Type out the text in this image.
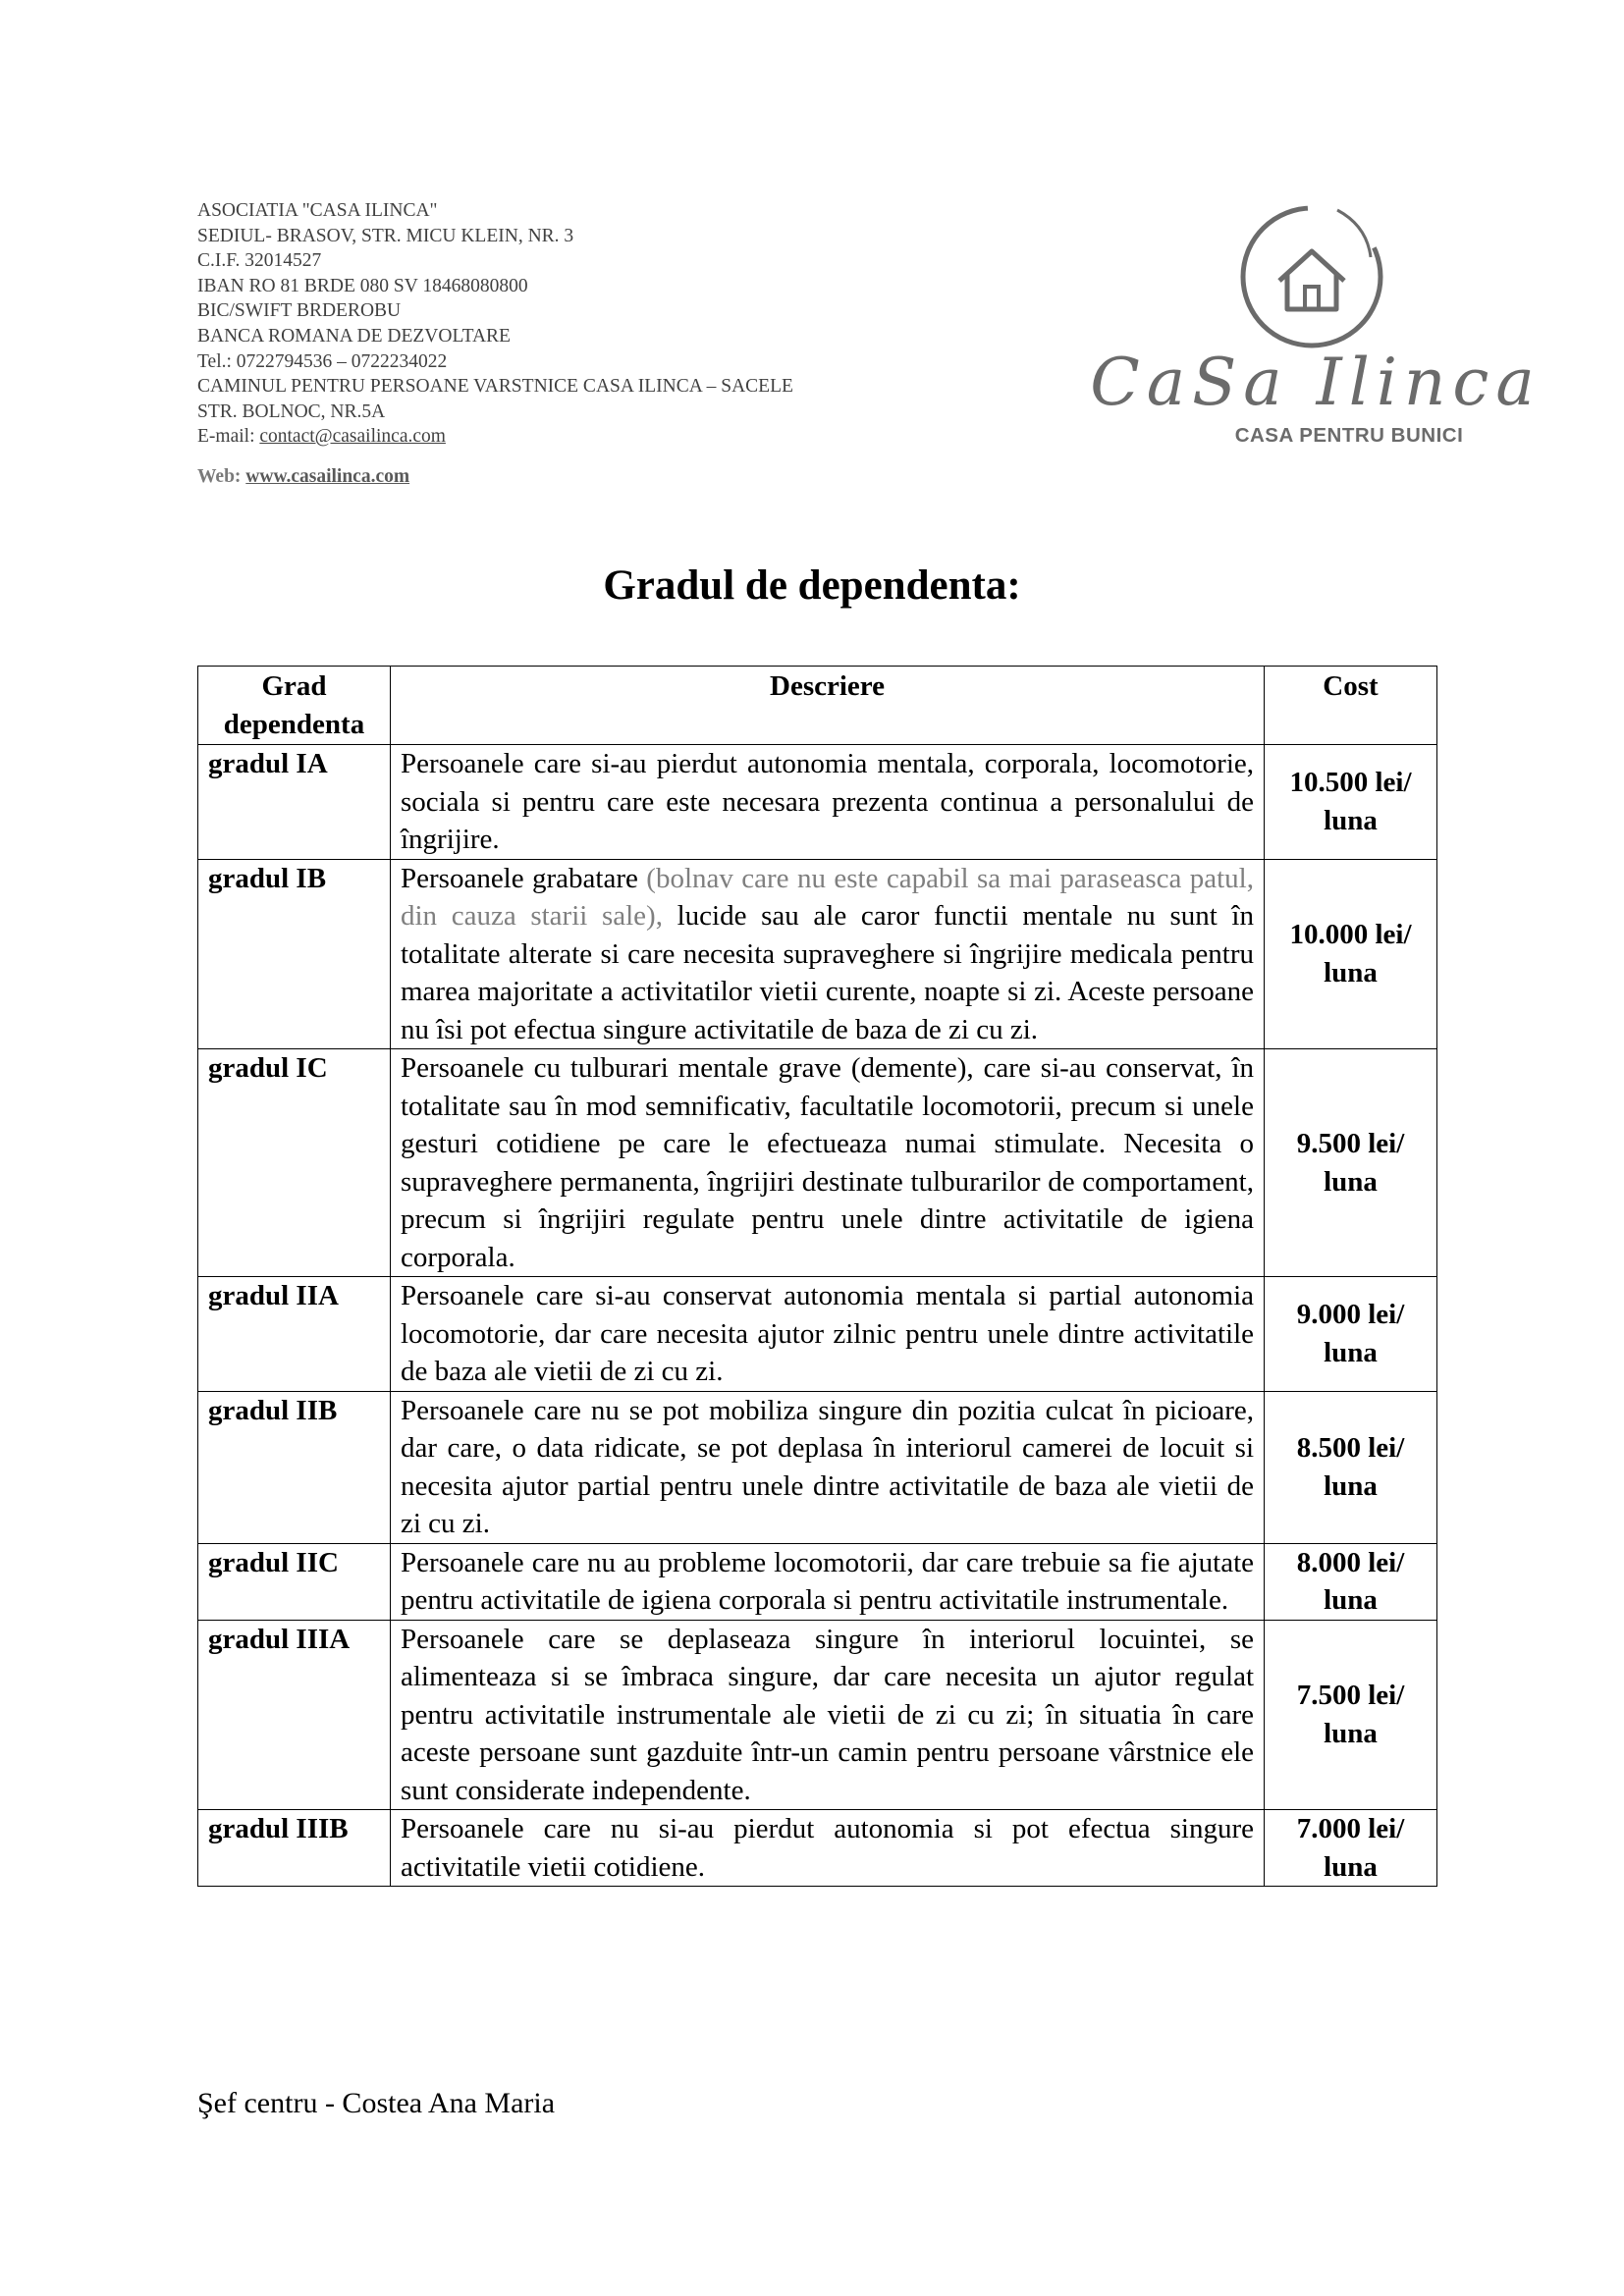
ASOCIATIA "CASA ILINCA"
SEDIUL- BRASOV, STR. MICU KLEIN, NR. 3
C.I.F. 32014527
IBAN RO 81 BRDE 080 SV 18468080800
BIC/SWIFT BRDEROBU
BANCA ROMANA DE DEZVOLTARE
Tel.: 0722794536 – 0722234022
CAMINUL PENTRU PERSOANE VARSTNICE CASA ILINCA – SACELE
STR. BOLNOC, NR.5A
E-mail: contact@casailinca.com
Web: www.casailinca.com
CaSa Ilinca
CASA PENTRU BUNICI
Gradul de dependenta:
Grad dependenta	Descriere	Cost
gradul IA	Persoanele care si-au pierdut autonomia mentala, corporala, locomotorie, sociala si pentru care este necesara prezenta continua a personalului de îngrijire.	10.500 lei/
luna

gradul IB	Persoanele grabatare (bolnav care nu este capabil sa mai paraseasca patul, din cauza starii sale), lucide sau ale caror functii mentale nu sunt în totalitate alterate si care necesita supraveghere si îngrijire medicala pentru marea majoritate a activitatilor vietii curente, noapte si zi. Aceste persoane nu îsi pot efectua singure activitatile de baza de zi cu zi.	10.000 lei/
luna

gradul IC	Persoanele cu tulburari mentale grave (demente), care si-au conservat, în totalitate sau în mod semnificativ, facultatile locomotorii, precum si unele gesturi cotidiene pe care le efectueaza numai stimulate. Necesita o supraveghere permanenta, îngrijiri destinate tulburarilor de comportament, precum si îngrijiri regulate pentru unele dintre activitatile de igiena corporala.	9.500 lei/
luna

gradul IIA	Persoanele care si-au conservat autonomia mentala si partial autonomia locomotorie, dar care necesita ajutor zilnic pentru unele dintre activitatile de baza ale vietii de zi cu zi.	9.000 lei/
luna

gradul IIB	Persoanele care nu se pot mobiliza singure din pozitia culcat în picioare, dar care, o data ridicate, se pot deplasa în interiorul camerei de locuit si necesita ajutor partial pentru unele dintre activitatile de baza ale vietii de zi cu zi.	8.500 lei/
luna

gradul IIC	Persoanele care nu au probleme locomotorii, dar care trebuie sa fie ajutate pentru activitatile de igiena corporala si pentru activitatile instrumentale.	8.000 lei/
luna

gradul IIIA	Persoanele care se deplaseaza singure în interiorul locuintei, se alimenteaza si se îmbraca singure, dar care necesita un ajutor regulat pentru activitatile instrumentale ale vietii de zi cu zi; în situatia în care aceste persoane sunt gazduite într-un camin pentru persoane vârstnice ele sunt considerate independente.	7.500 lei/
luna

gradul IIIB	Persoanele care nu si-au pierdut autonomia si pot efectua singure activitatile vietii cotidiene.	7.000 lei/
luna
Şef centru - Costea Ana Maria
